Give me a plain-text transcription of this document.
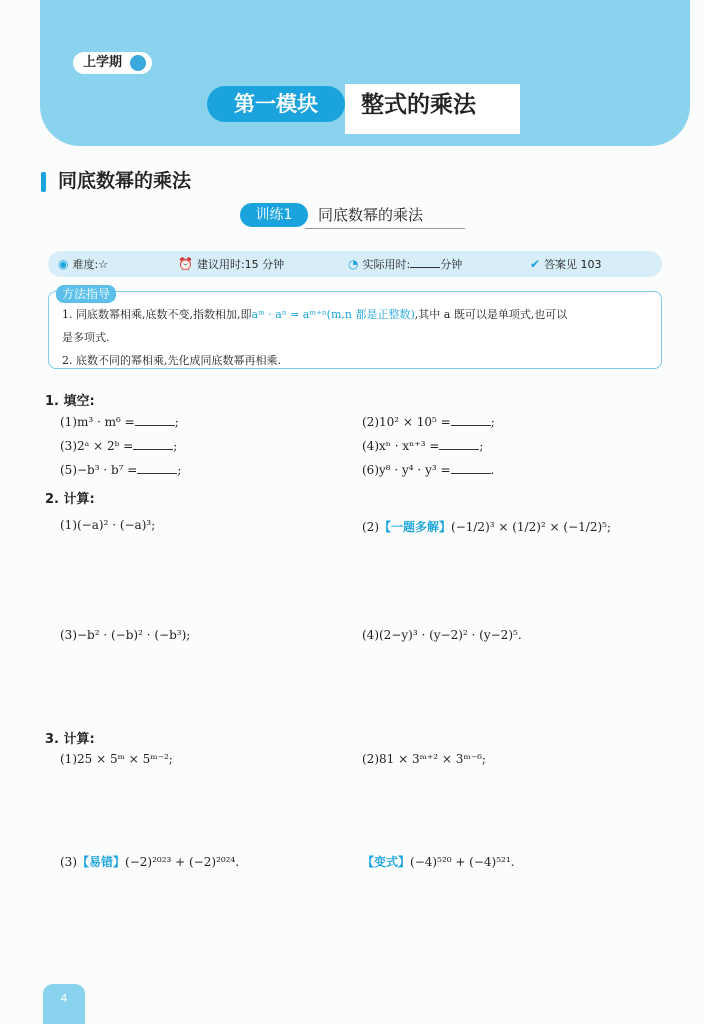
上学期
第一模块	整式的乘法
同底数幂的乘法
训练1	同底数幂的乘法
◉ 难度:☆	⏰ 建议用时:15 分钟	◔ 实际用时:	分钟	✔ 答案见 103
方法指导
1. 同底数幂相乘,底数不变,指数相加,即aᵐ · aⁿ = aᵐ⁺ⁿ(m,n 都是正整数),其中 a 既可以是单项式,也可以
是多项式.
2. 底数不同的幂相乘,先化成同底数幂再相乘.
1. 填空:
(1)m³ · m⁶ =	;	(2)10² × 10⁵ =	;
(3)2ᵃ × 2ᵇ =	;	(4)xⁿ · xⁿ⁺³ =	;
(5)−b³ · b⁷ =	;	(6)y⁸ · y⁴ · y³ =	.
2. 计算:
(1)(−a)² · (−a)³;	(2)【一题多解】(−1/2)³ × (1/2)² × (−1/2)⁵;
(3)−b² · (−b)² · (−b³);	(4)(2−y)³ · (y−2)² · (y−2)⁵.
3. 计算:
(1)25 × 5ᵐ × 5ᵐ⁻²;	(2)81 × 3ᵐ⁺² × 3ᵐ⁻⁶;
(3)【易错】(−2)²⁰²³ + (−2)²⁰²⁴.	【变式】(−4)⁵²⁰ + (−4)⁵²¹.
4
